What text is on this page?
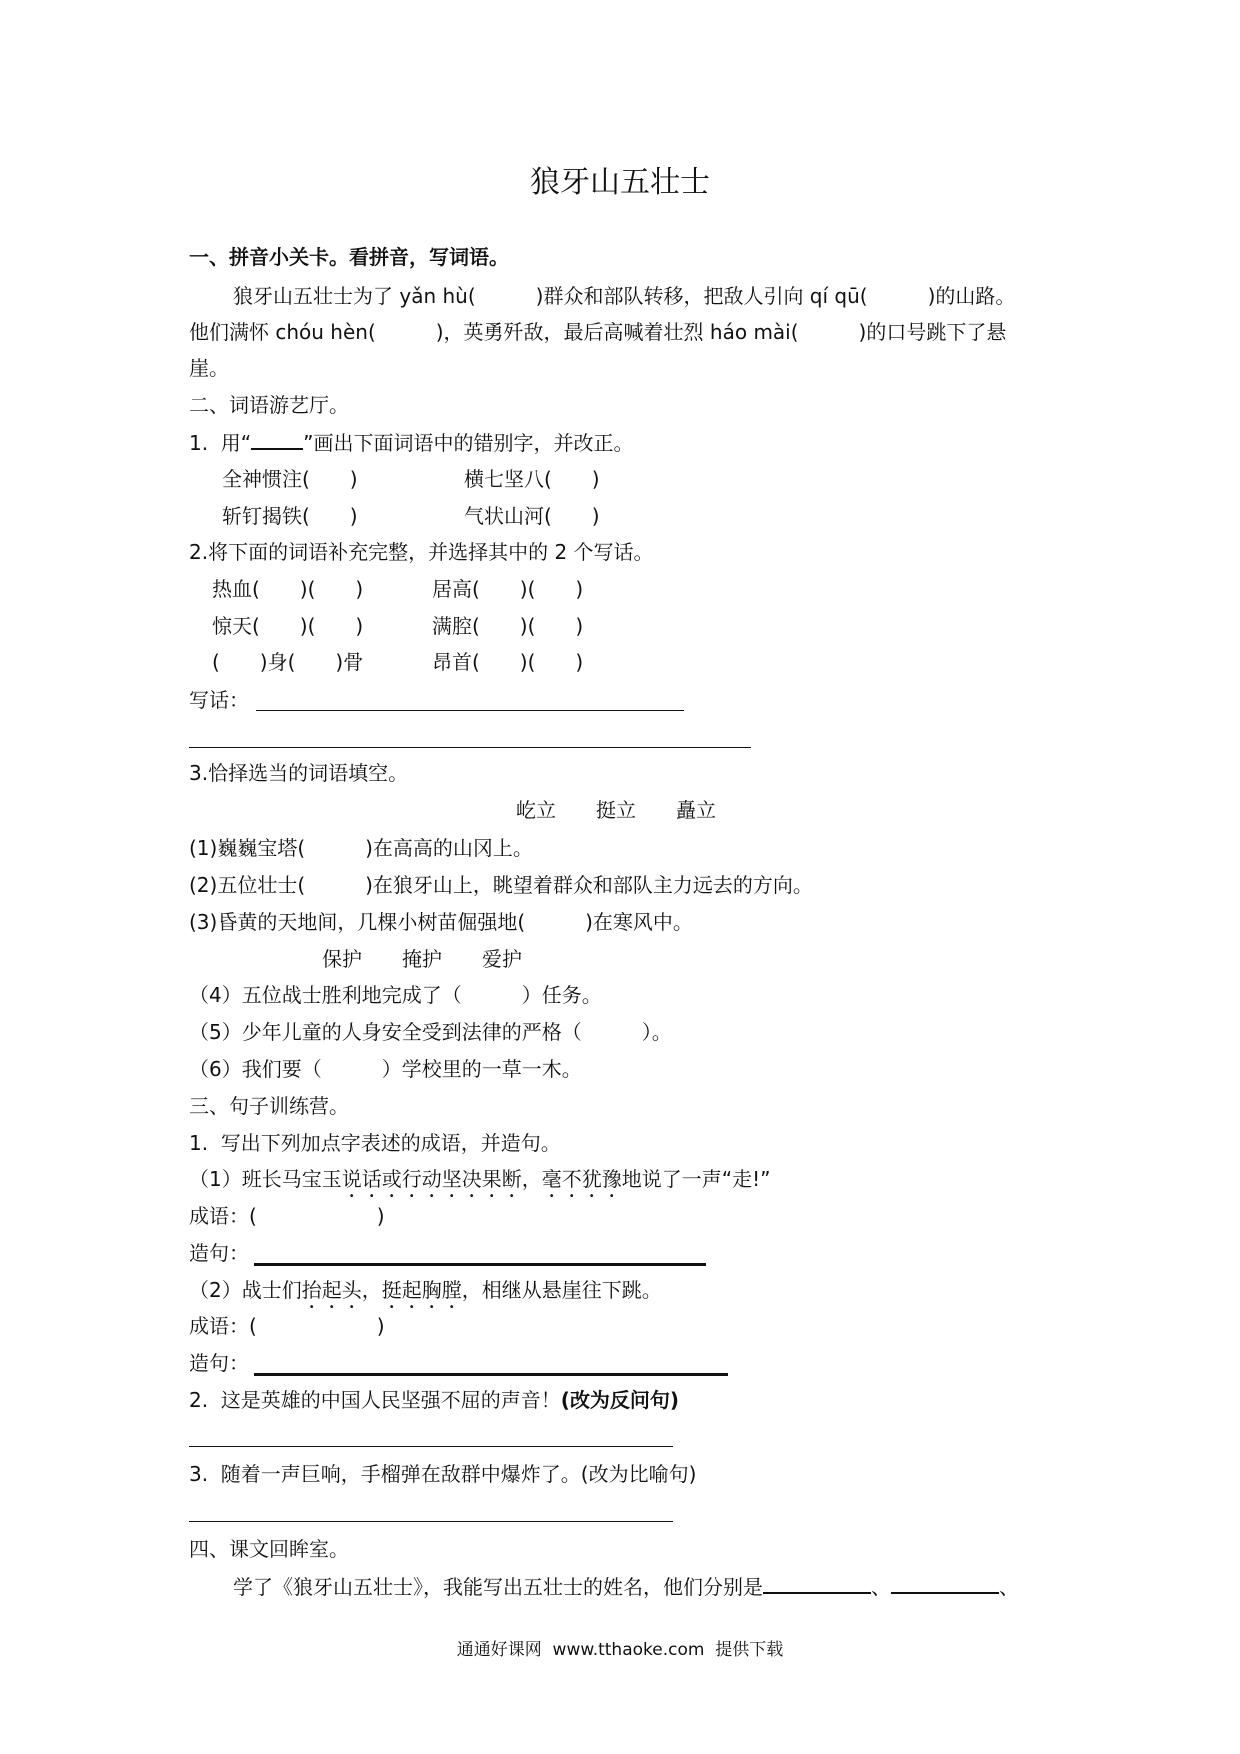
狼牙山五壮士
一、拼音小关卡。看拼音，写词语。
狼牙山五壮士为了 yǎn hù(　　　)群众和部队转移，把敌人引向 qí qū(　　　)的山路。
他们满怀 chóu hèn(　　　)，英勇歼敌，最后高喊着壮烈 háo mài(　　　)的口号跳下了悬
崖。
二、词语游艺厅。
1.  用“	”画出下面词语中的错别字，并改正。
全神惯注(　　)	横七坚八(　　)
斩钉揭铁(　　)	气状山河(　　)
2.将下面的词语补充完整，并选择其中的 2 个写话。
热血(　　)(　　)	居高(　　)(　　)
惊天(　　)(　　)	满腔(　　)(　　)
(　　)身(　　)骨	昂首(　　)(　　)
写话：
3.恰择选当的词语填空。
屹立　　挺立　　矗立
(1)巍巍宝塔(　　　)在高高的山冈上。
(2)五位壮士(　　　)在狼牙山上，眺望着群众和部队主力远去的方向。
(3)昏黄的天地间，几棵小树苗倔强地(　　　)在寒风中。
保护　　掩护　　爱护
（4）五位战士胜利地完成了（　　　）任务。
（5）少年儿童的人身安全受到法律的严格（　　　）。
（6）我们要（　　　）学校里的一草一木。
三、句子训练营。
1.  写出下列加点字表述的成语，并造句。
（1）班长马宝玉说话或行动坚决果断，毫不犹豫地说了一声“走!”
成语：(　　　　　　)
造句：
（2）战士们抬起头，挺起胸膛，相继从悬崖往下跳。
成语：(　　　　　　)
造句：
2.  这是英雄的中国人民坚强不屈的声音！(改为反问句)
3.  随着一声巨响，手榴弹在敌群中爆炸了。(改为比喻句)
四、课文回眸室。
学了《狼牙山五壮士》，我能写出五壮士的姓名，他们分别是	、	、
通通好课网  www.tthaoke.com  提供下载
